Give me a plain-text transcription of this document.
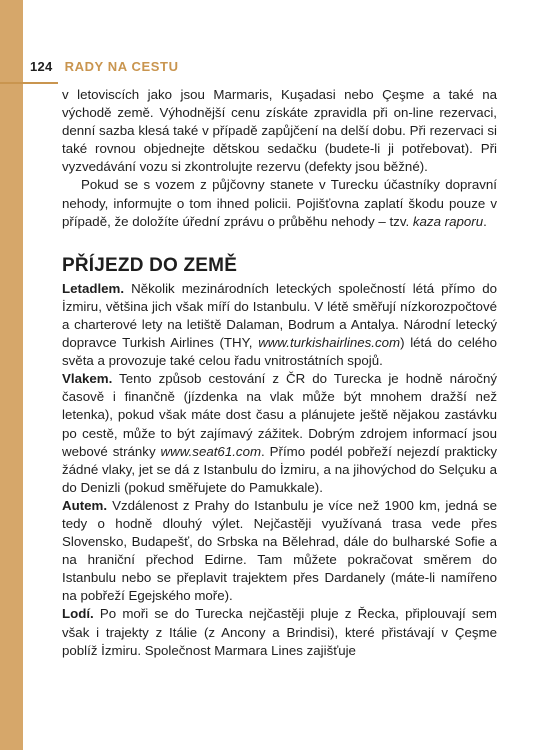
124 RADY NA CESTU

v letoviscích jako jsou Marmaris, Kuşadasi nebo Çeşme a také na východě země. Výhodnější cenu získáte zpravidla při on-line rezervaci, denní sazba klesá také v případě zapůjčení na delší dobu. Při rezervaci si také rovnou objednejte dětskou sedačku (budete-li ji potřebovat). Při vyzvedávání vozu si zkontrolujte rezervu (defekty jsou běžné).

Pokud se s vozem z půjčovny stanete v Turecku účastníky dopravní nehody, informujte o tom ihned policii. Pojišťovna zaplatí škodu pouze v případě, že doložíte úřední zprávu o průběhu nehody – tzv. kaza raporu.

PŘÍJEZD DO ZEMĚ

Letadlem. Několik mezinárodních leteckých společností létá přímo do İzmiru, většina jich však míří do Istanbulu. V létě směřují nízkorozpočtové a charterové lety na letiště Dalaman, Bodrum a Antalya. Národní letecký dopravce Turkish Airlines (THY, www.turkishairlines.com) létá do celého světa a provozuje také celou řadu vnitrostátních spojů.

Vlakem. Tento způsob cestování z ČR do Turecka je hodně náročný časově i finančně (jízdenka na vlak může být mnohem dražší než letenka), pokud však máte dost času a plánujete ještě nějakou zastávku po cestě, může to být zajímavý zážitek. Dobrým zdrojem informací jsou webové stránky www.seat61.com. Přímo podél pobřeží nejezdí prakticky žádné vlaky, jet se dá z Istanbulu do İzmiru, a na jihovýchod do Selçuku a do Denizli (pokud směřujete do Pamukkale).

Autem. Vzdálenost z Prahy do Istanbulu je více než 1900 km, jedná se tedy o hodně dlouhý výlet. Nejčastěji využívaná trasa vede přes Slovensko, Budapešť, do Srbska na Bělehrad, dále do bulharské Sofie a na hraniční přechod Edirne. Tam můžete pokračovat směrem do Istanbulu nebo se přeplavit trajektem přes Dardanely (máte-li namířeno na pobřeží Egejského moře).

Lodí. Po moři se do Turecka nejčastěji pluje z Řecka, připlouvají sem však i trajekty z Itálie (z Ancony a Brindisi), které přistávají v Çeşme poblíž İzmiru. Společnost Marmara Lines zajišťuje
